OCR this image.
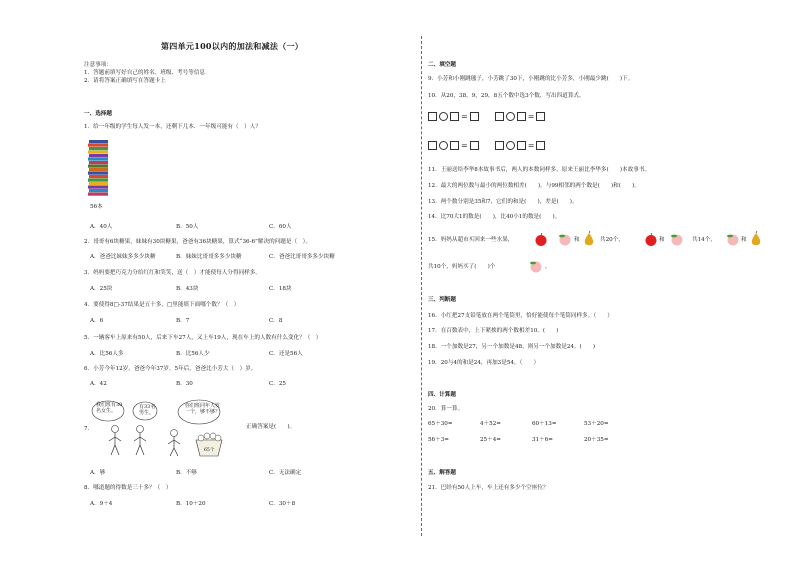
第四单元100以内的加法和减法（一）
注意事项：
1．答题前填写好自己的姓名、班级、考号等信息
2．请将答案正确填写在答题卡上
一、选择题
1．给一年级的学生每人发一本，还剩下几本．一年级可能有（　）人？
56本
A．40人	B．50人	C．60人
2．哥哥有6块糖果，妹妹有30块糖果，爸爸有36块糖果，算式“36-6”解决的问题是（　）。
A．爸爸比妹妹多多少块糖	B．妹妹比哥哥多多少块糖	C．爸爸比哥哥多多少块糖
3．妈妈要把巧克力分给红红和笑笑，送（　）才能使每人分得同样多。
A．25块	B．43块	C．18块
4．要使得8□-37结果是五十多，□里能填下面哪个数？（　）
A．6	B．7	C．8
5．一辆客车上原来有50人，后来下车27人，又上车19人，现在车上的人数有什么变化？（　）
A．比56人多	B．比56人少	C．还是56人
6．小芳今年12岁，爸爸今年37岁。5年后，爸爸比小芳大（　）岁。
A．42	B．30	C．25
7．
我们班有30名女生。
有33名男生。
你们班同年人发一个，够不够？
65个
正确答案是(　　)。
A．够	B．不够	C．无法确定
8．哪道题的得数是三十多？（　）
A．9＋4	B．10＋20	C．30＋8
二、填空题
9．小芳和小刚跳毽子，小芳跳了30下，小刚跳的比小芳多，小刚最少跳(　　)下。
10．从20，38，9，29，8五个数中选3个数，写出四道算式。
=	=
=	=
11．王丽送给李华8本故事书后，两人的本数同样多，原来王丽比李华多(　　)本故事书。
12．最大的两位数与最小的两位数相差(　　)，与99相邻的两个数是(　　)和(　　)。
13．两个数分别是35和7，它们的和是(　　)，差是(　　)。
14．比70大1的数是(　　)，比40小1的数是(　　)。
15．妈妈从超市买回来一些水果，	和	共20个，	和	共14个，	和
共10个，妈妈买了(　　)个	。
三、判断题
16．小红把27支铅笔放在两个笔筒里，恰好能使每个笔筒同样多。（　　）
17．在百数表中，上下紧挨的两个数相差10。(　　)
18．一个加数是27，另一个加数是48，则另一个加数是24。(　　)
19．20与4的和是24，再加3是54。（　　）
四、计算题
20．算一算。
65＋30=	4＋52=	60＋13=	53＋20=
56＋3=	25＋4=	31＋6=	20＋35=
五、解答题
21．巴经有50人上车，车上还有多少个空座位？
